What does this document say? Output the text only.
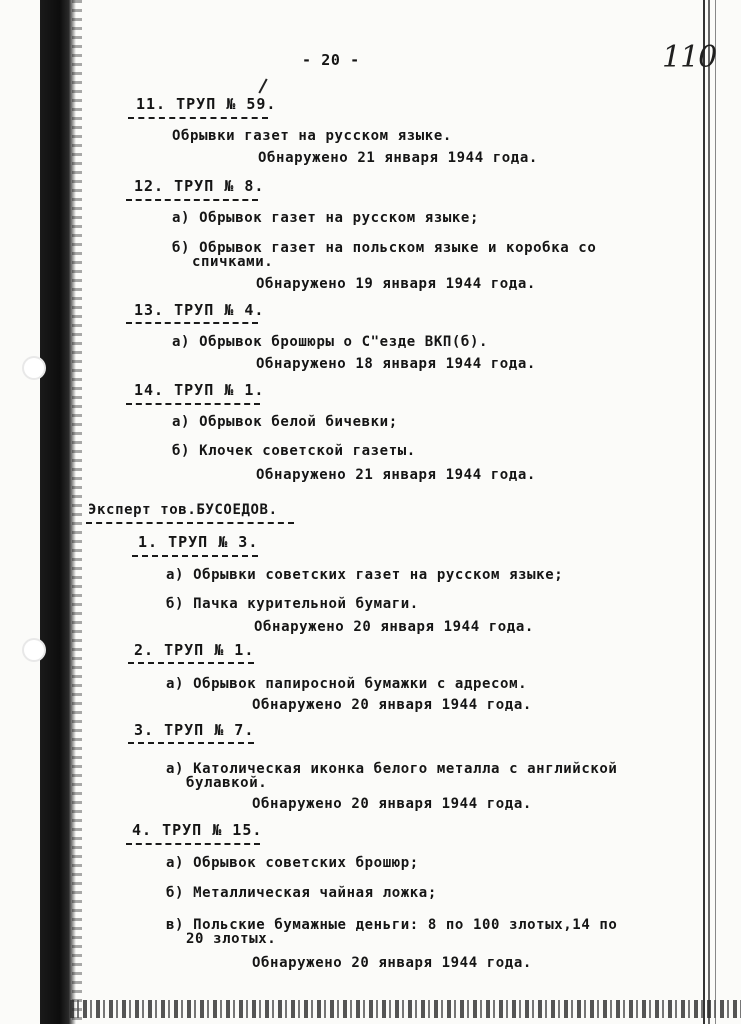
- 20 -	110
11. ТРУП № 59.
Обрывки газет на русском языке.
Обнаружено 21 января 1944 года.
12. ТРУП № 8.
а) Обрывок газет на русском языке;
б) Обрывок газет на польском языке и коробка со
спичками.
Обнаружено 19 января 1944 года.
13. ТРУП № 4.
а) Обрывок брошюры о С"езде ВКП(б).
Обнаружено 18 января 1944 года.
14. ТРУП № 1.
а) Обрывок белой бичевки;
б) Клочек советской газеты.
Обнаружено 21 января 1944 года.
Эксперт тов.БУСОЕДОВ.
1. ТРУП № 3.
а) Обрывки советских газет на русском языке;
б) Пачка курительной бумаги.
Обнаружено 20 января 1944 года.
2. ТРУП № 1.
а) Обрывок папиросной бумажки с адресом.
Обнаружено 20 января 1944 года.
3. ТРУП № 7.
а) Католическая иконка белого металла с английской
булавкой.
Обнаружено 20 января 1944 года.
4. ТРУП № 15.
а) Обрывок советских брошюр;
б) Металлическая чайная ложка;
в) Польские бумажные деньги: 8 по 100 злотых,14 по
20 злотых.
Обнаружено 20 января 1944 года.
